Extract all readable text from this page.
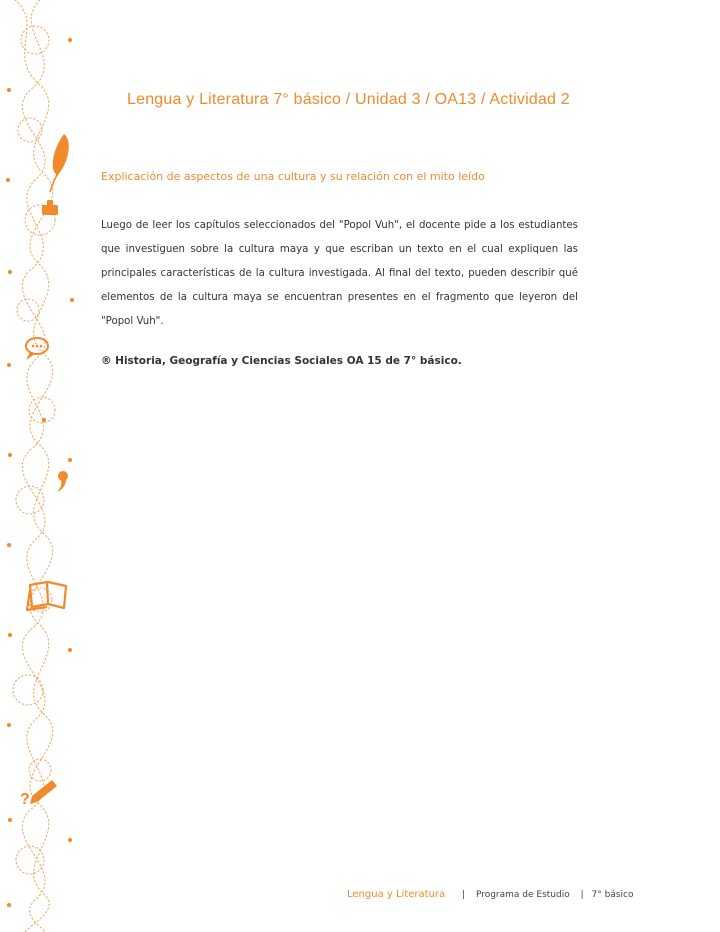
?
Lengua y Literatura 7° básico / Unidad 3 / OA13 / Actividad 2
Explicación de aspectos de una cultura y su relación con el mito leído

Luego de leer los capítulos seleccionados del "Popol Vuh", el docente pide a los estudiantes que investiguen sobre la cultura maya y que escriban un texto en el cual expliquen las principales características de la cultura investigada. Al final del texto, pueden describir qué elementos de la cultura maya se encuentran presentes en el fragmento que leyeron del "Popol Vuh".

® Historia, Geografía y Ciencias Sociales OA 15 de 7° básico.
Lengua y Literatura | Programa de Estudio | 7° básico
